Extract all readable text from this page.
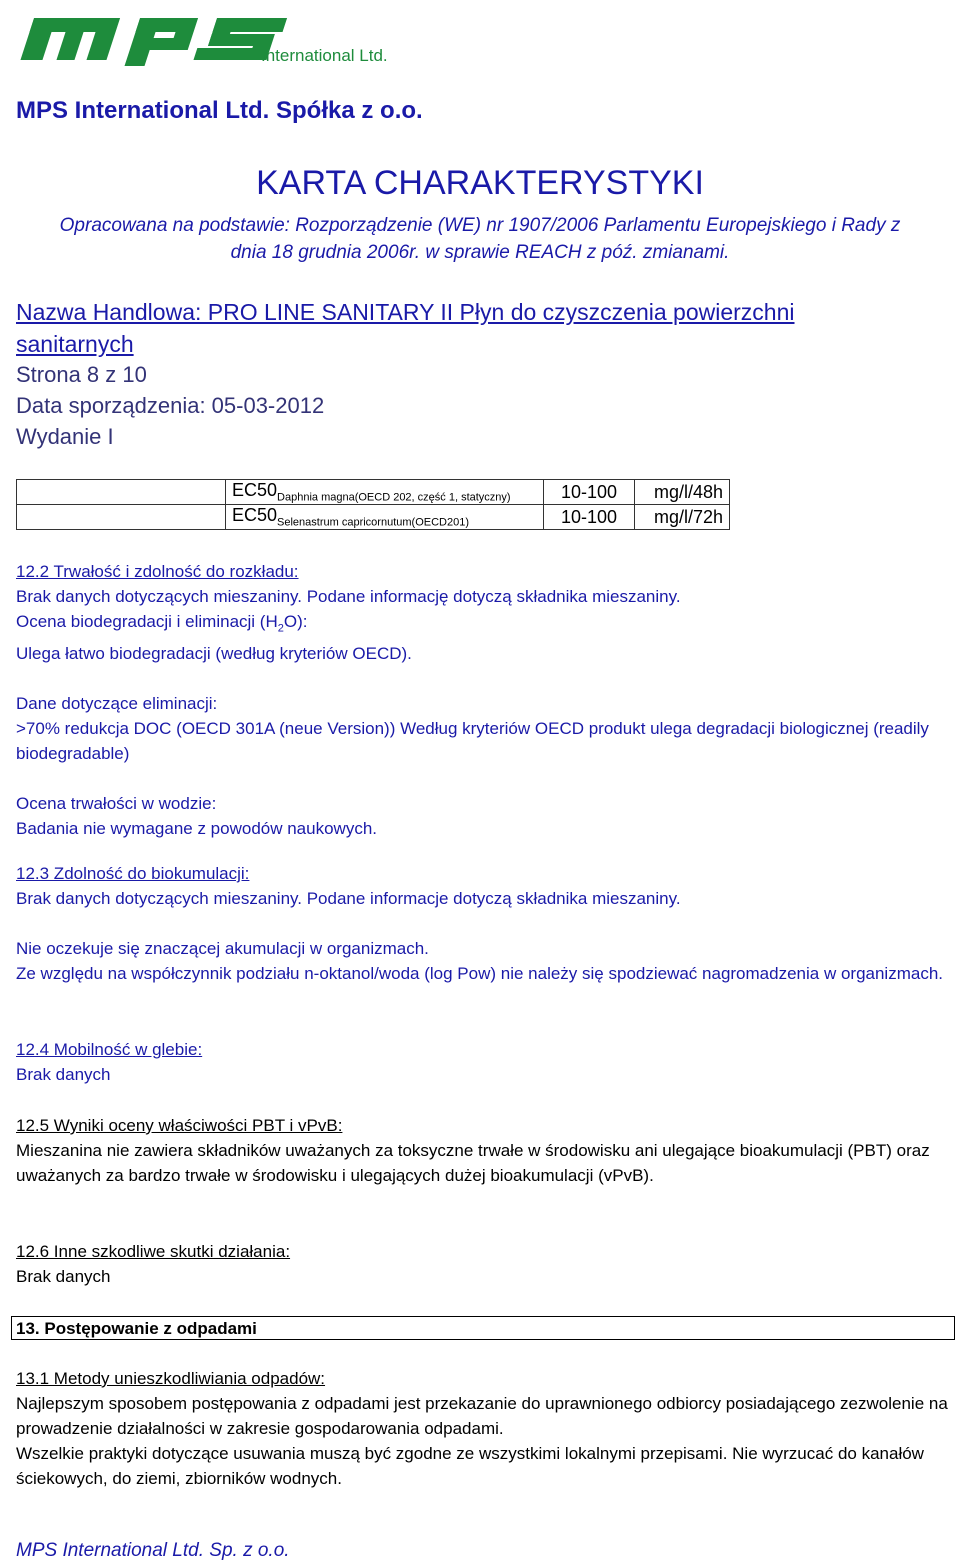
International Ltd.
MPS International Ltd. Spółka z o.o.
KARTA CHARAKTERYSTYKI
Opracowana na podstawie: Rozporządzenie (WE) nr 1907/2006 Parlamentu Europejskiego i Rady z
dnia 18 grudnia 2006r. w sprawie REACH z póź. zmianami.
Nazwa Handlowa: PRO LINE SANITARY II Płyn do czyszczenia powierzchni sanitarnych
Strona 8 z 10
Data sporządzenia: 05-03-2012
Wydanie I
	$EC50_{Daphnia magna(OECD 202, część 1, statyczny)}$	10-100	mg/l/48h
	$EC50_{Selenastrum capricornutum(OECD201)}$	10-100	mg/l/72h
12.2 Trwałość i zdolność do rozkładu:
Brak danych dotyczących mieszaniny. Podane informację dotyczą składnika mieszaniny.
Ocena biodegradacji i eliminacji $(H_2O)$:
Ulega łatwo biodegradacji (według kryteriów OECD).
Dane dotyczące eliminacji:
>70% redukcja DOC (OECD 301A (neue Version)) Według kryteriów OECD produkt ulega degradacji biologicznej (readily biodegradable)
Ocena trwałości w wodzie:
Badania nie wymagane z powodów naukowych.
12.3 Zdolność do biokumulacji:
Brak danych dotyczących mieszaniny. Podane informacje dotyczą składnika mieszaniny.
Nie oczekuje się znaczącej akumulacji w organizmach.
Ze względu na współczynnik podziału n-oktanol/woda (log Pow) nie należy się spodziewać nagromadzenia w organizmach.
12.4 Mobilność w glebie:
Brak danych
12.5 Wyniki oceny właściwości PBT i vPvB:
Mieszanina nie zawiera składników uważanych za toksyczne trwałe w środowisku ani ulegające bioakumulacji (PBT) oraz uważanych za bardzo trwałe w środowisku i ulegających dużej bioakumulacji (vPvB).
12.6 Inne szkodliwe skutki działania:
Brak danych
13. Postępowanie z odpadami
13.1 Metody unieszkodliwiania odpadów:
Najlepszym sposobem postępowania z odpadami jest przekazanie do uprawnionego odbiorcy posiadającego zezwolenie na prowadzenie działalności w zakresie gospodarowania odpadami.
Wszelkie praktyki dotyczące usuwania muszą być zgodne ze wszystkimi lokalnymi przepisami. Nie wyrzucać do kanałów ściekowych, do ziemi, zbiorników wodnych.
MPS International Ltd. Sp. z o.o.
